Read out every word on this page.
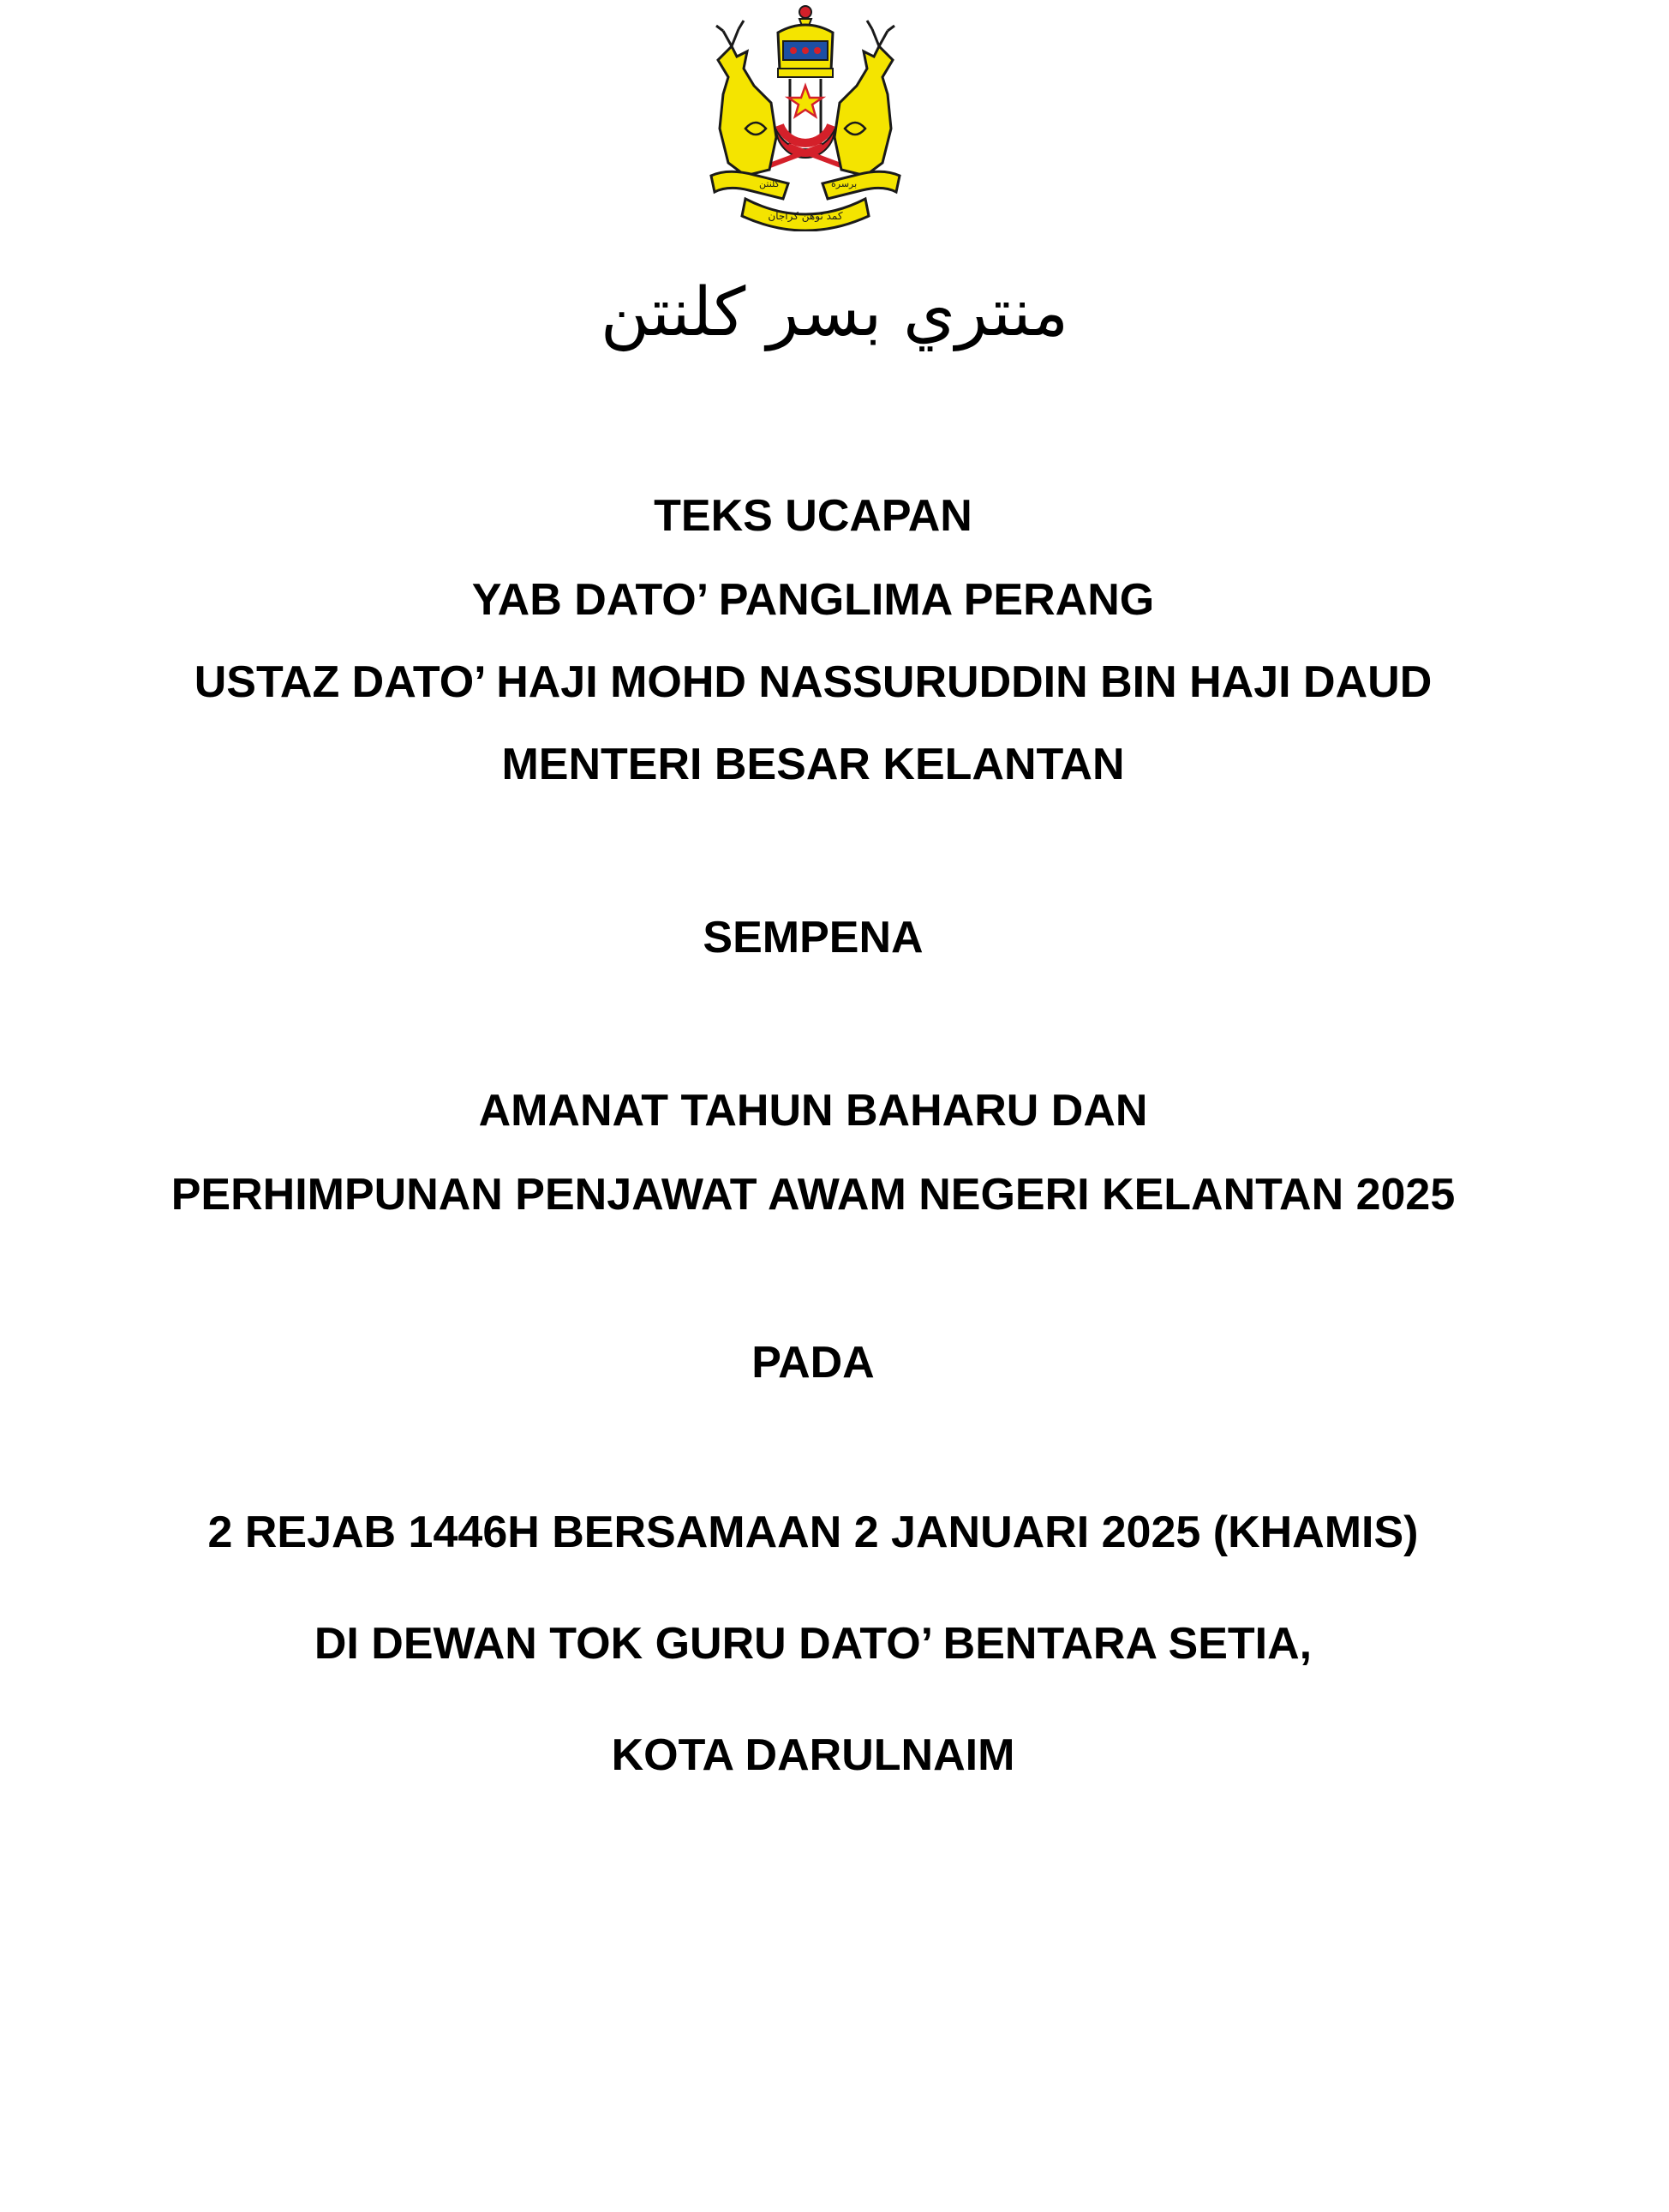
كلنتن	برسرة
كمد توهن كراجان
منتري بسر كلنتن
TEKS UCAPAN
YAB DATO’ PANGLIMA PERANG
USTAZ DATO’ HAJI MOHD NASSURUDDIN BIN HAJI DAUD
MENTERI BESAR KELANTAN
SEMPENA
AMANAT TAHUN BAHARU DAN
PERHIMPUNAN PENJAWAT AWAM NEGERI KELANTAN 2025
PADA
2 REJAB 1446H BERSAMAAN 2 JANUARI 2025 (KHAMIS)
DI DEWAN TOK GURU DATO’ BENTARA SETIA,
KOTA DARULNAIM
